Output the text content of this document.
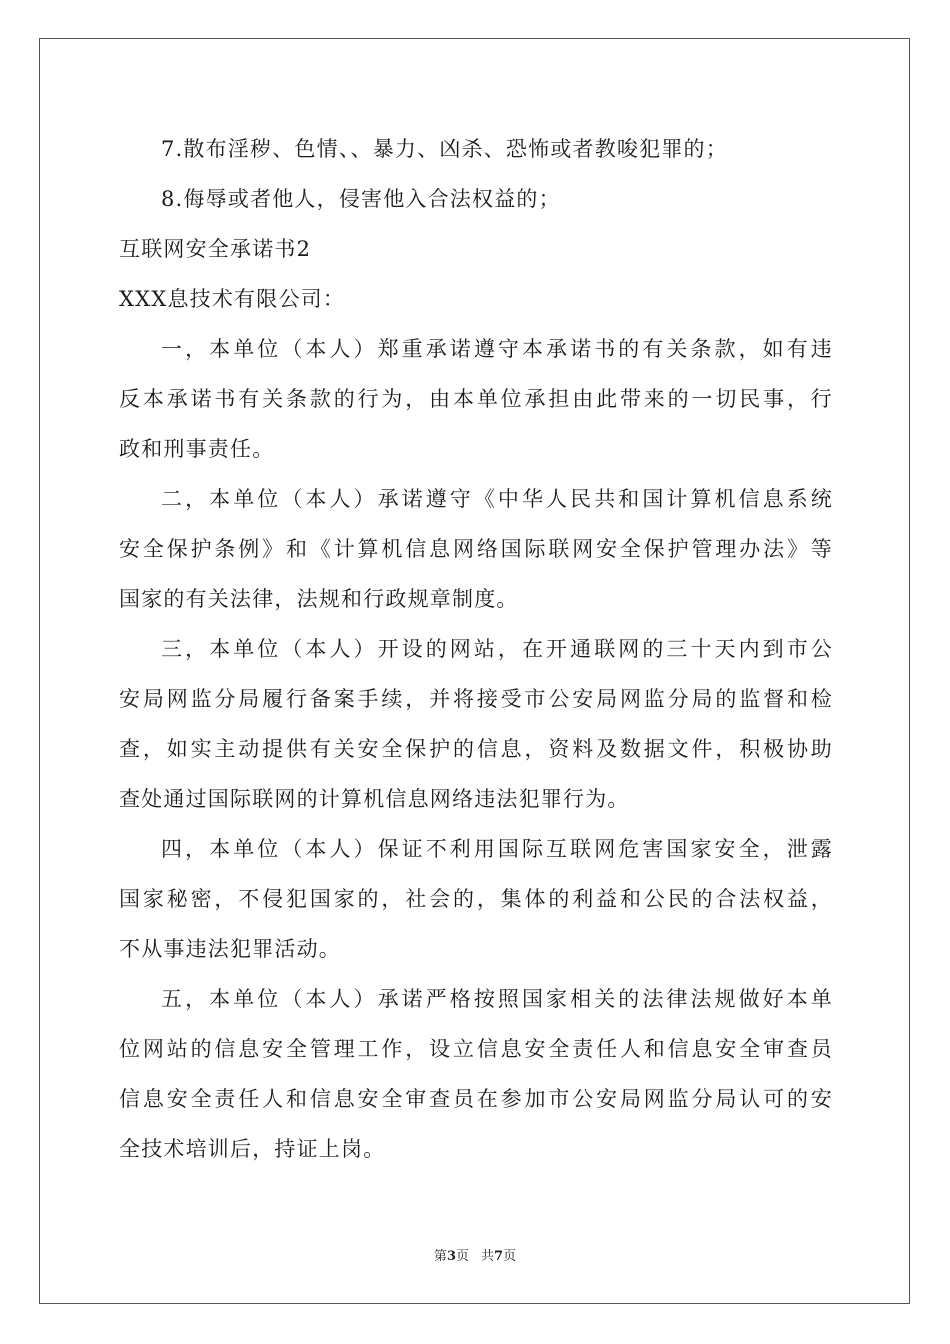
7.散布淫秽、色情、、暴力、凶杀、恐怖或者教唆犯罪的；
8.侮辱或者他人，侵害他入合法权益的；
互联网安全承诺书2
XXX息技术有限公司：
一，本单位（本人）郑重承诺遵守本承诺书的有关条款，如有违
反本承诺书有关条款的行为，由本单位承担由此带来的一切民事，行
政和刑事责任。
二，本单位（本人）承诺遵守《中华人民共和国计算机信息系统
安全保护条例》和《计算机信息网络国际联网安全保护管理办法》等
国家的有关法律，法规和行政规章制度。
三，本单位（本人）开设的网站，在开通联网的三十天内到市公
安局网监分局履行备案手续，并将接受市公安局网监分局的监督和检
查，如实主动提供有关安全保护的信息，资料及数据文件，积极协助
查处通过国际联网的计算机信息网络违法犯罪行为。
四，本单位（本人）保证不利用国际互联网危害国家安全，泄露
国家秘密，不侵犯国家的，社会的，集体的利益和公民的合法权益，
不从事违法犯罪活动。
五，本单位（本人）承诺严格按照国家相关的法律法规做好本单
位网站的信息安全管理工作，设立信息安全责任人和信息安全审查员
信息安全责任人和信息安全审查员在参加市公安局网监分局认可的安
全技术培训后，持证上岗。
第3页 共7页
